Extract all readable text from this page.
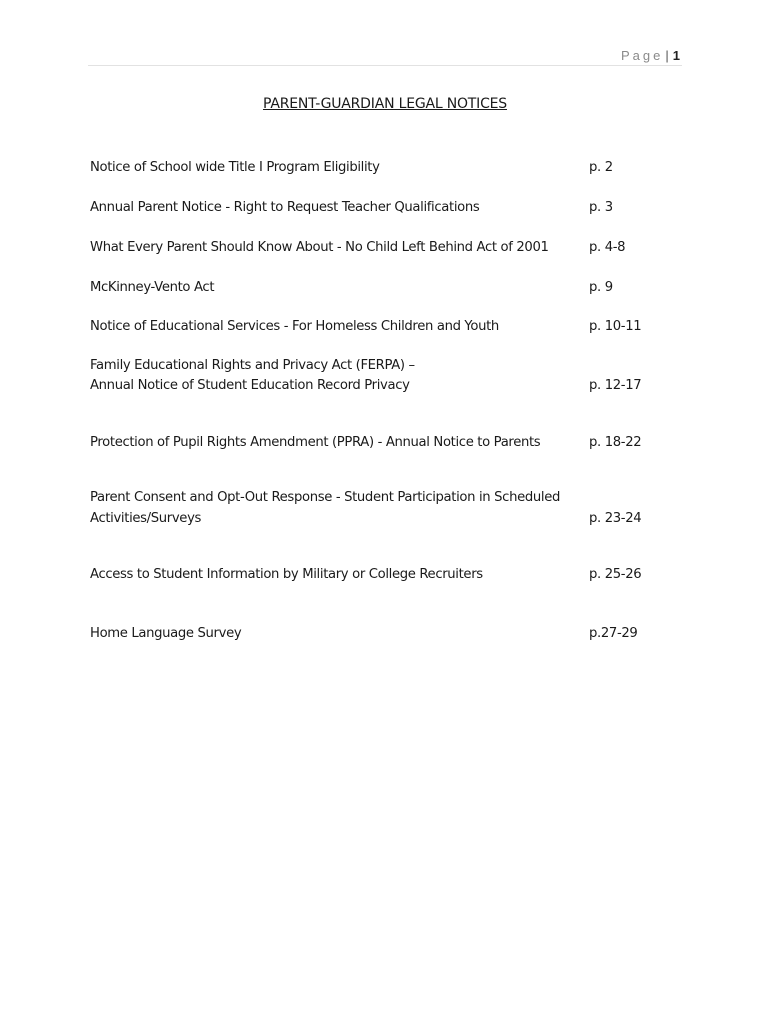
Page | 1
PARENT-GUARDIAN LEGAL NOTICES
Notice of School wide Title I Program Eligibility	p. 2
Annual Parent Notice - Right to Request Teacher Qualifications	p. 3
What Every Parent Should Know About - No Child Left Behind Act of 2001	p. 4-8
McKinney-Vento Act	p. 9
Notice of Educational Services - For Homeless Children and Youth	p. 10-11
Family Educational Rights and Privacy Act (FERPA) –
Annual Notice of Student Education Record Privacy	p. 12-17
Protection of Pupil Rights Amendment (PPRA) - Annual Notice to Parents	p. 18-22
Parent Consent and Opt-Out Response - Student Participation in Scheduled
Activities/Surveys	p. 23-24
Access to Student Information by Military or College Recruiters	p. 25-26
Home Language Survey	p.27-29
